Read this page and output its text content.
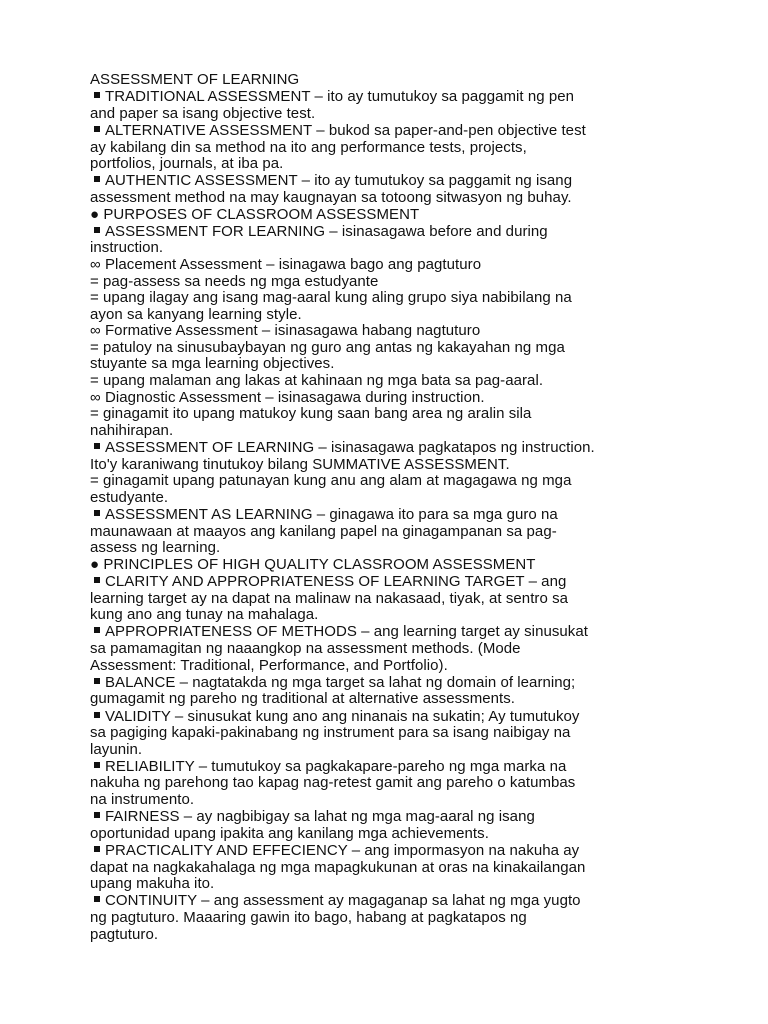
ASSESSMENT OF LEARNING
TRADITIONAL ASSESSMENT – ito ay tumutukoy sa paggamit ng pen
and paper sa isang objective test.
ALTERNATIVE ASSESSMENT – bukod sa paper-and-pen objective test
ay kabilang din sa method na ito ang performance tests, projects,
portfolios, journals, at iba pa.
AUTHENTIC ASSESSMENT – ito ay tumutukoy sa paggamit ng isang
assessment method na may kaugnayan sa totoong sitwasyon ng buhay.
● PURPOSES OF CLASSROOM ASSESSMENT
ASSESSMENT FOR LEARNING – isinasagawa before and during
instruction.
∞ Placement Assessment – isinagawa bago ang pagtuturo
= pag-assess sa needs ng mga estudyante
= upang ilagay ang isang mag-aaral kung aling grupo siya nabibilang na
ayon sa kanyang learning style.
∞ Formative Assessment – isinasagawa habang nagtuturo
= patuloy na sinusubaybayan ng guro ang antas ng kakayahan ng mga
stuyante sa mga learning objectives.
= upang malaman ang lakas at kahinaan ng mga bata sa pag-aaral.
∞ Diagnostic Assessment – isinasagawa during instruction.
= ginagamit ito upang matukoy kung saan bang area ng aralin sila
nahihirapan.
ASSESSMENT OF LEARNING – isinasagawa pagkatapos ng instruction.
Ito'y karaniwang tinutukoy bilang SUMMATIVE ASSESSMENT.
= ginagamit upang patunayan kung anu ang alam at magagawa ng mga
estudyante.
ASSESSMENT AS LEARNING – ginagawa ito para sa mga guro na
maunawaan at maayos ang kanilang papel na ginagampanan sa pag-
assess ng learning.
● PRINCIPLES OF HIGH QUALITY CLASSROOM ASSESSMENT
CLARITY AND APPROPRIATENESS OF LEARNING TARGET – ang
learning target ay na dapat na malinaw na nakasaad, tiyak, at sentro sa
kung ano ang tunay na mahalaga.
APPROPRIATENESS OF METHODS – ang learning target ay sinusukat
sa pamamagitan ng naaangkop na assessment methods. (Mode
Assessment: Traditional, Performance, and Portfolio).
BALANCE – nagtatakda ng mga target sa lahat ng domain of learning;
gumagamit ng pareho ng traditional at alternative assessments.
VALIDITY – sinusukat kung ano ang ninanais na sukatin; Ay tumutukoy
sa pagiging kapaki-pakinabang ng instrument para sa isang naibigay na
layunin.
RELIABILITY – tumutukoy sa pagkakapare-pareho ng mga marka na
nakuha ng parehong tao kapag nag-retest gamit ang pareho o katumbas
na instrumento.
FAIRNESS – ay nagbibigay sa lahat ng mga mag-aaral ng isang
oportunidad upang ipakita ang kanilang mga achievements.
PRACTICALITY AND EFFECIENCY – ang impormasyon na nakuha ay
dapat na nagkakahalaga ng mga mapagkukunan at oras na kinakailangan
upang makuha ito.
CONTINUITY – ang assessment ay magaganap sa lahat ng mga yugto
ng pagtuturo. Maaaring gawin ito bago, habang at pagkatapos ng
pagtuturo.
